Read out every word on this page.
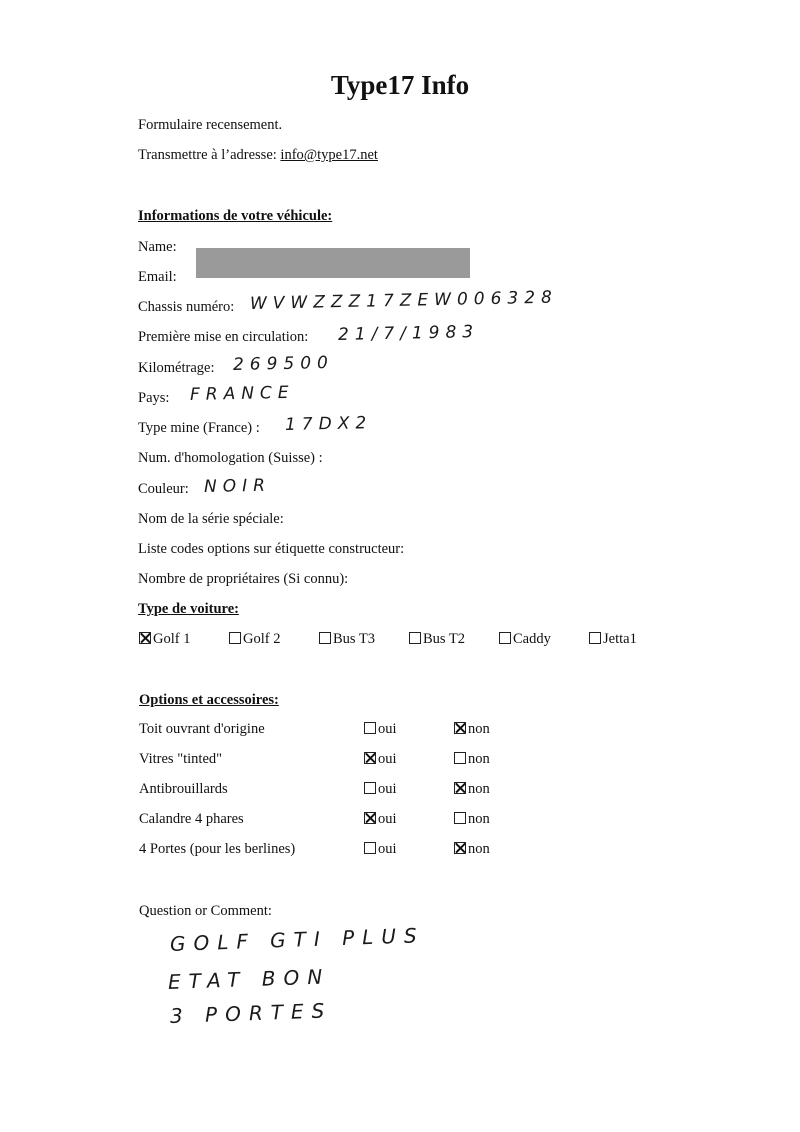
Type17 Info
Formulaire recensement.
Transmettre à l’adresse: info@type17.net
Informations de votre véhicule:
Name:
Email:
Chassis numéro: WVWZZZ17ZEW006328
Première mise en circulation: 21/7/1983
Kilométrage: 269500
Pays: FRANCE
Type mine (France) : 17DX2
Num. d'homologation (Suisse) :
Couleur: NOIR
Nom de la série spéciale:
Liste codes options sur étiquette constructeur:
Nombre de propriétaires (Si connu):
Type de voiture:
Golf 1	Golf 2	Bus T3	Bus T2	Caddy	Jetta1
Options et accessoires:
Toit ouvrant d'origine	oui	non
Vitres "tinted"	oui	non
Antibrouillards	oui	non
Calandre 4 phares	oui	non
4 Portes (pour les berlines)	oui	non
Question or Comment:
GOLF GTI PLUS
ETAT BON
3 PORTES
